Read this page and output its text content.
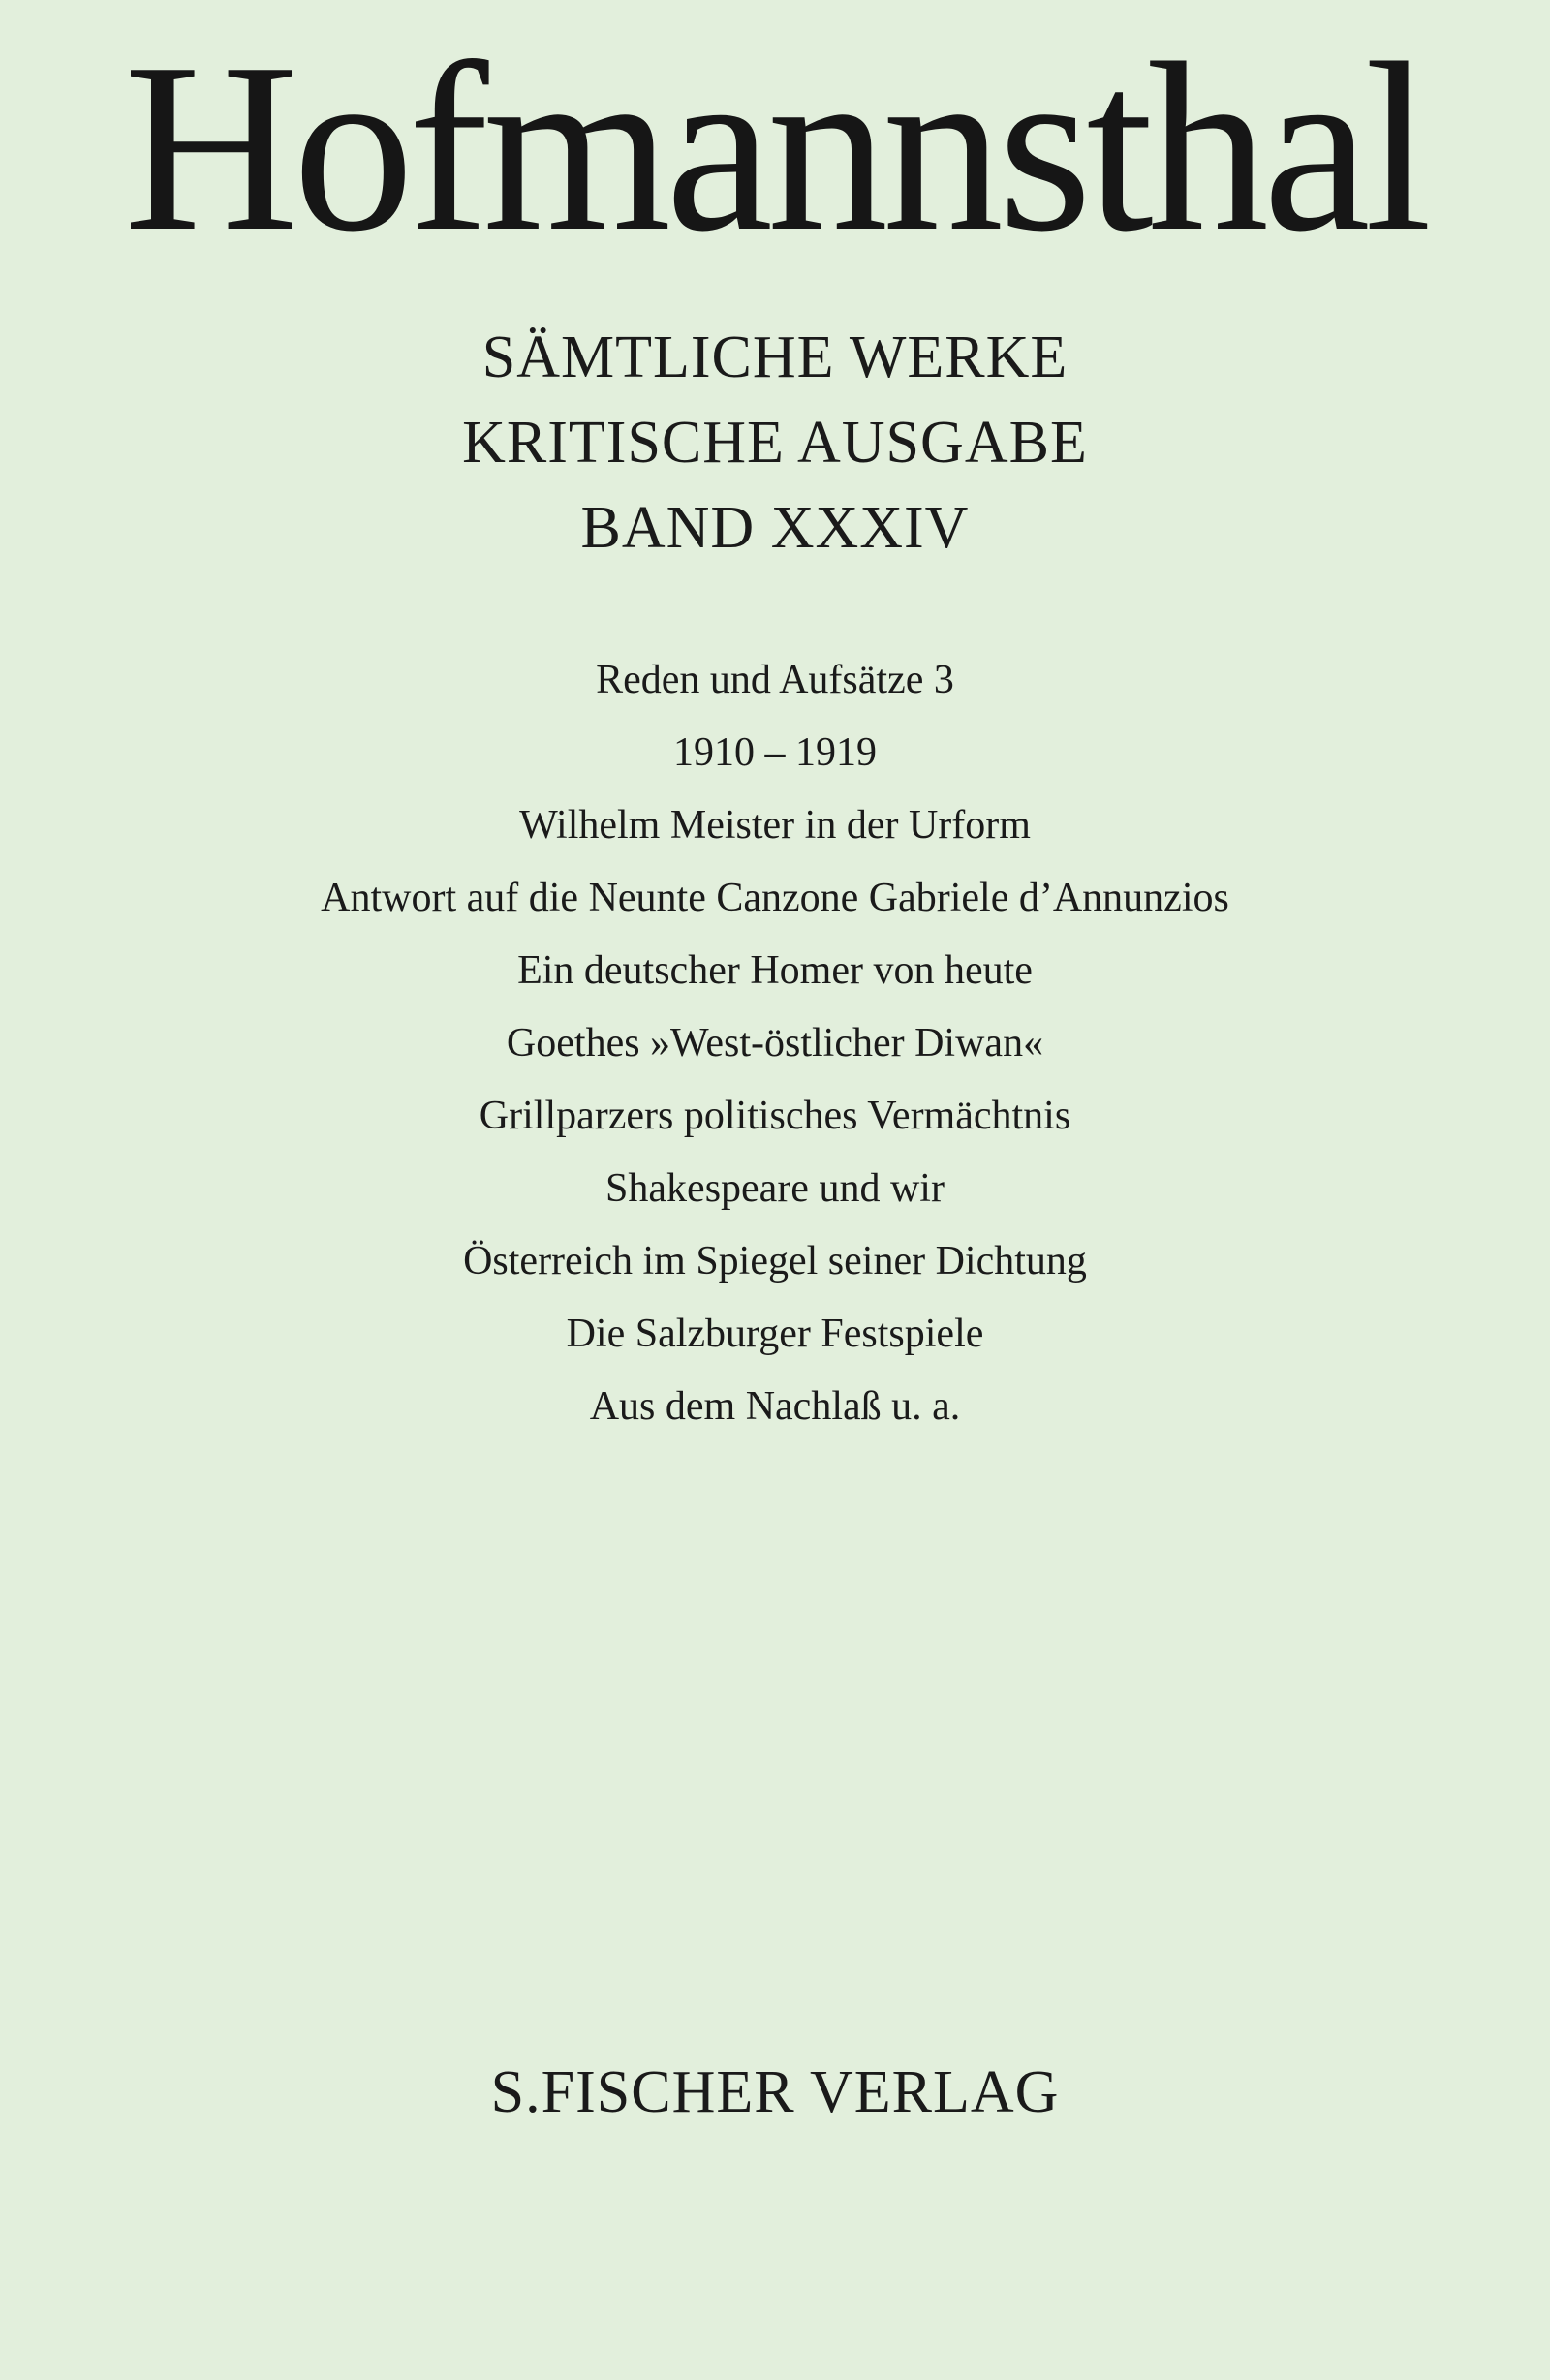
Hofmannsthal
SÄMTLICHE WERKE
KRITISCHE AUSGABE
BAND XXXIV
Reden und Aufsätze 3
1910 – 1919
Wilhelm Meister in der Urform
Antwort auf die Neunte Canzone Gabriele d’Annunzios
Ein deutscher Homer von heute
Goethes »West-östlicher Diwan«
Grillparzers politisches Vermächtnis
Shakespeare und wir
Österreich im Spiegel seiner Dichtung
Die Salzburger Festspiele
Aus dem Nachlaß u. a.
S.FISCHER VERLAG
